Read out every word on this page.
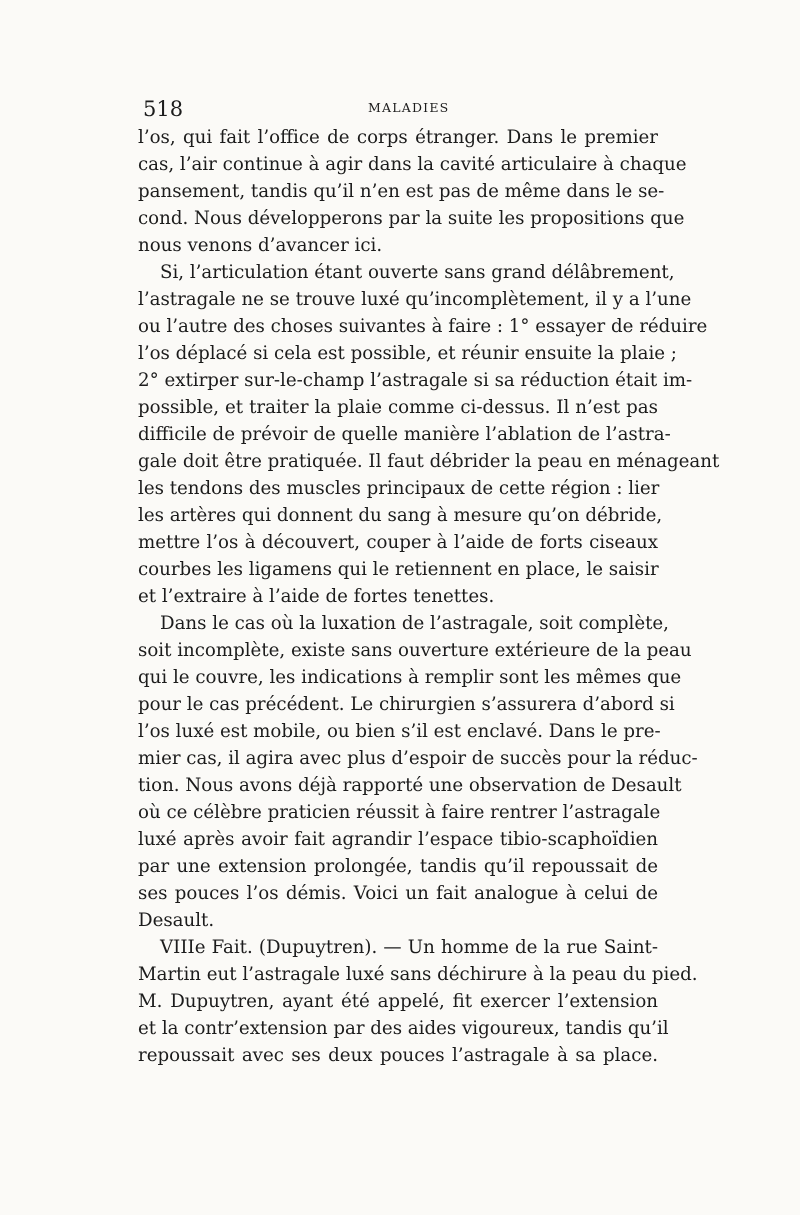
518	MALADIES
l’os, qui fait l’office de corps étranger. Dans le premier
cas, l’air continue à agir dans la cavité articulaire à chaque
pansement, tandis qu’il n’en est pas de même dans le se-
cond. Nous développerons par la suite les propositions que
nous venons d’avancer ici.
Si, l’articulation étant ouverte sans grand délâbrement,
l’astragale ne se trouve luxé qu’incomplètement, il y a l’une
ou l’autre des choses suivantes à faire : 1° essayer de réduire
l’os déplacé si cela est possible, et réunir ensuite la plaie ;
2° extirper sur-le-champ l’astragale si sa réduction était im-
possible, et traiter la plaie comme ci-dessus. Il n’est pas
difficile de prévoir de quelle manière l’ablation de l’astra-
gale doit être pratiquée. Il faut débrider la peau en ménageant
les tendons des muscles principaux de cette région : lier
les artères qui donnent du sang à mesure qu’on débride,
mettre l’os à découvert, couper à l’aide de forts ciseaux
courbes les ligamens qui le retiennent en place, le saisir
et l’extraire à l’aide de fortes tenettes.
Dans le cas où la luxation de l’astragale, soit complète,
soit incomplète, existe sans ouverture extérieure de la peau
qui le couvre, les indications à remplir sont les mêmes que
pour le cas précédent. Le chirurgien s’assurera d’abord si
l’os luxé est mobile, ou bien s’il est enclavé. Dans le pre-
mier cas, il agira avec plus d’espoir de succès pour la réduc-
tion. Nous avons déjà rapporté une observation de Desault
où ce célèbre praticien réussit à faire rentrer l’astragale
luxé après avoir fait agrandir l’espace tibio-scaphoïdien
par une extension prolongée, tandis qu’il repoussait de
ses pouces l’os démis. Voici un fait analogue à celui de
Desault.
VIIIe Fait. (Dupuytren). — Un homme de la rue Saint-
Martin eut l’astragale luxé sans déchirure à la peau du pied.
M. Dupuytren, ayant été appelé, fit exercer l’extension
et la contr’extension par des aides vigoureux, tandis qu’il
repoussait avec ses deux pouces l’astragale à sa place.
